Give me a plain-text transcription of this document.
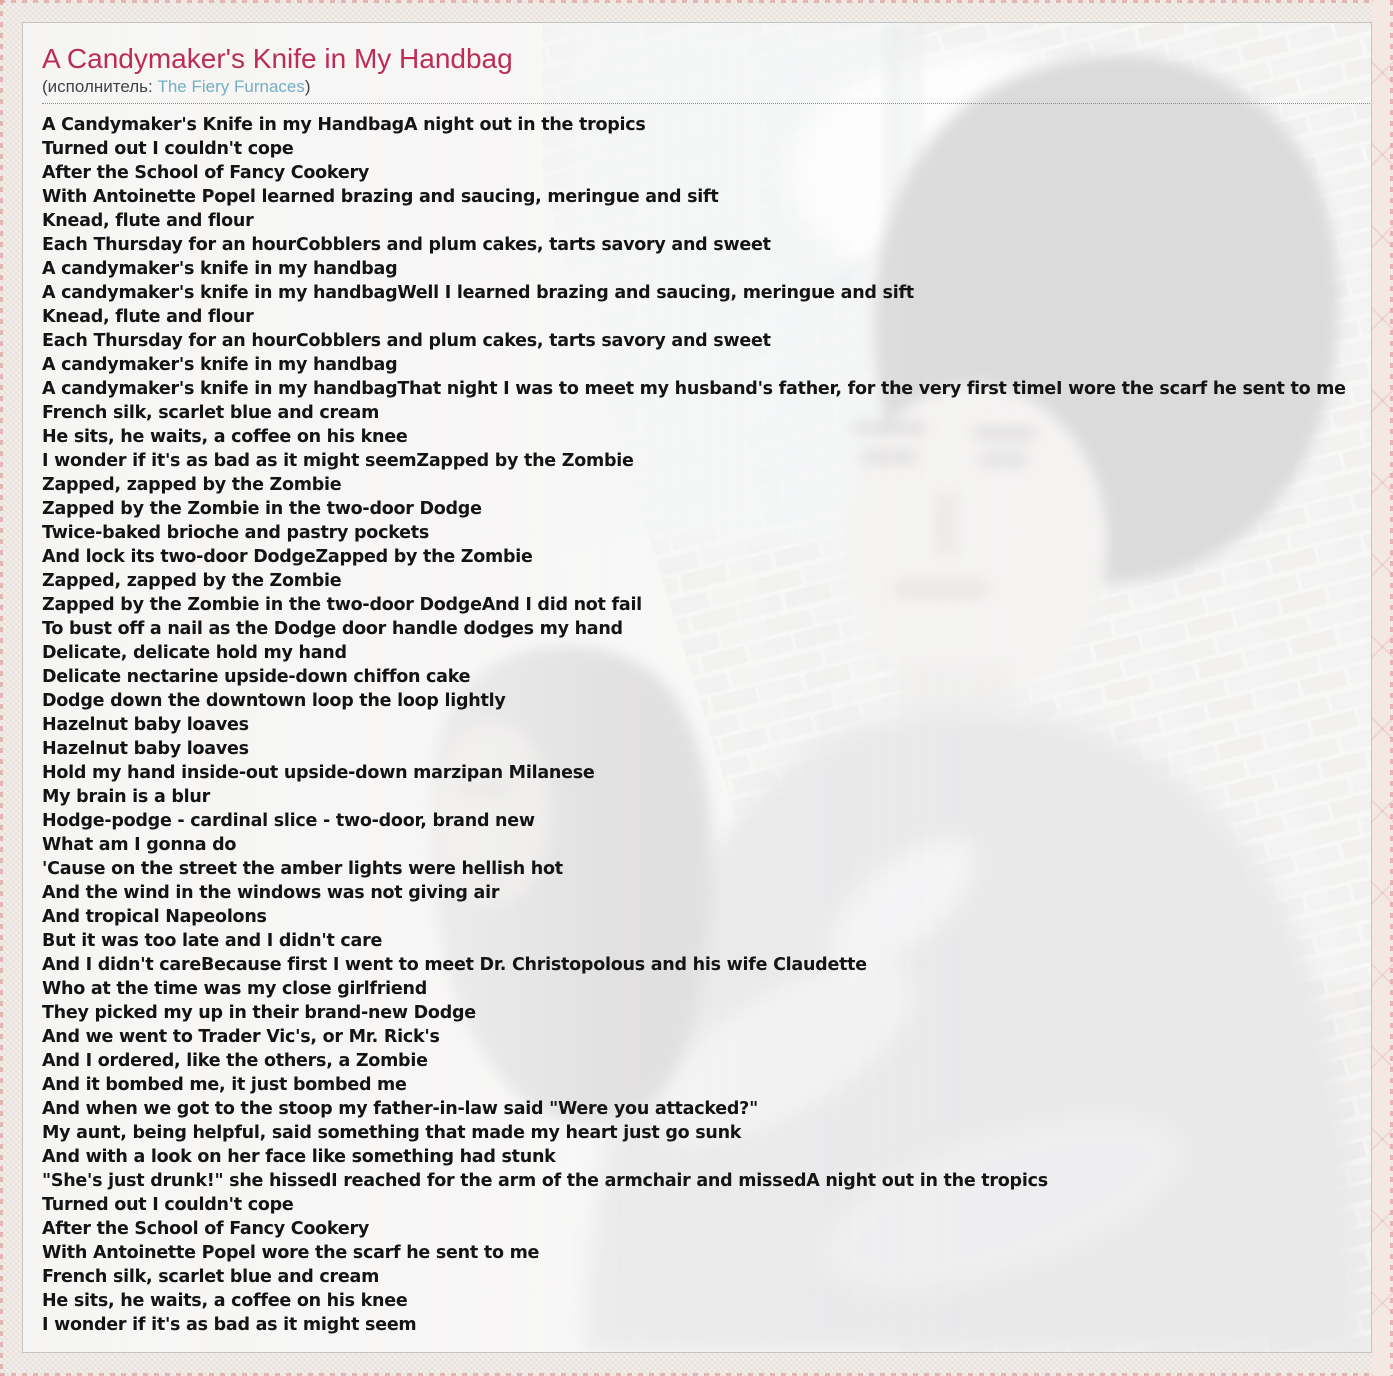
A Candymaker's Knife in My Handbag
(исполнитель: The Fiery Furnaces)
A Candymaker's Knife in my HandbagA night out in the tropics
Turned out I couldn't cope
After the School of Fancy Cookery
With Antoinette Popel learned brazing and saucing, meringue and sift
Knead, flute and flour
Each Thursday for an hourCobblers and plum cakes, tarts savory and sweet
A candymaker's knife in my handbag
A candymaker's knife in my handbagWell I learned brazing and saucing, meringue and sift
Knead, flute and flour
Each Thursday for an hourCobblers and plum cakes, tarts savory and sweet
A candymaker's knife in my handbag
A candymaker's knife in my handbagThat night I was to meet my husband's father, for the very first timeI wore the scarf he sent to me
French silk, scarlet blue and cream
He sits, he waits, a coffee on his knee
I wonder if it's as bad as it might seemZapped by the Zombie
Zapped, zapped by the Zombie
Zapped by the Zombie in the two-door Dodge
Twice-baked brioche and pastry pockets
And lock its two-door DodgeZapped by the Zombie
Zapped, zapped by the Zombie
Zapped by the Zombie in the two-door DodgeAnd I did not fail
To bust off a nail as the Dodge door handle dodges my hand
Delicate, delicate hold my hand
Delicate nectarine upside-down chiffon cake
Dodge down the downtown loop the loop lightly
Hazelnut baby loaves
Hazelnut baby loaves
Hold my hand inside-out upside-down marzipan Milanese
My brain is a blur
Hodge-podge - cardinal slice - two-door, brand new
What am I gonna do
'Cause on the street the amber lights were hellish hot
And the wind in the windows was not giving air
And tropical Napeolons
But it was too late and I didn't care
And I didn't careBecause first I went to meet Dr. Christopolous and his wife Claudette
Who at the time was my close girlfriend
They picked my up in their brand-new Dodge
And we went to Trader Vic's, or Mr. Rick's
And I ordered, like the others, a Zombie
And it bombed me, it just bombed me
And when we got to the stoop my father-in-law said "Were you attacked?"
My aunt, being helpful, said something that made my heart just go sunk
And with a look on her face like something had stunk
"She's just drunk!" she hissedI reached for the arm of the armchair and missedA night out in the tropics
Turned out I couldn't cope
After the School of Fancy Cookery
With Antoinette Popel wore the scarf he sent to me
French silk, scarlet blue and cream
He sits, he waits, a coffee on his knee
I wonder if it's as bad as it might seem
